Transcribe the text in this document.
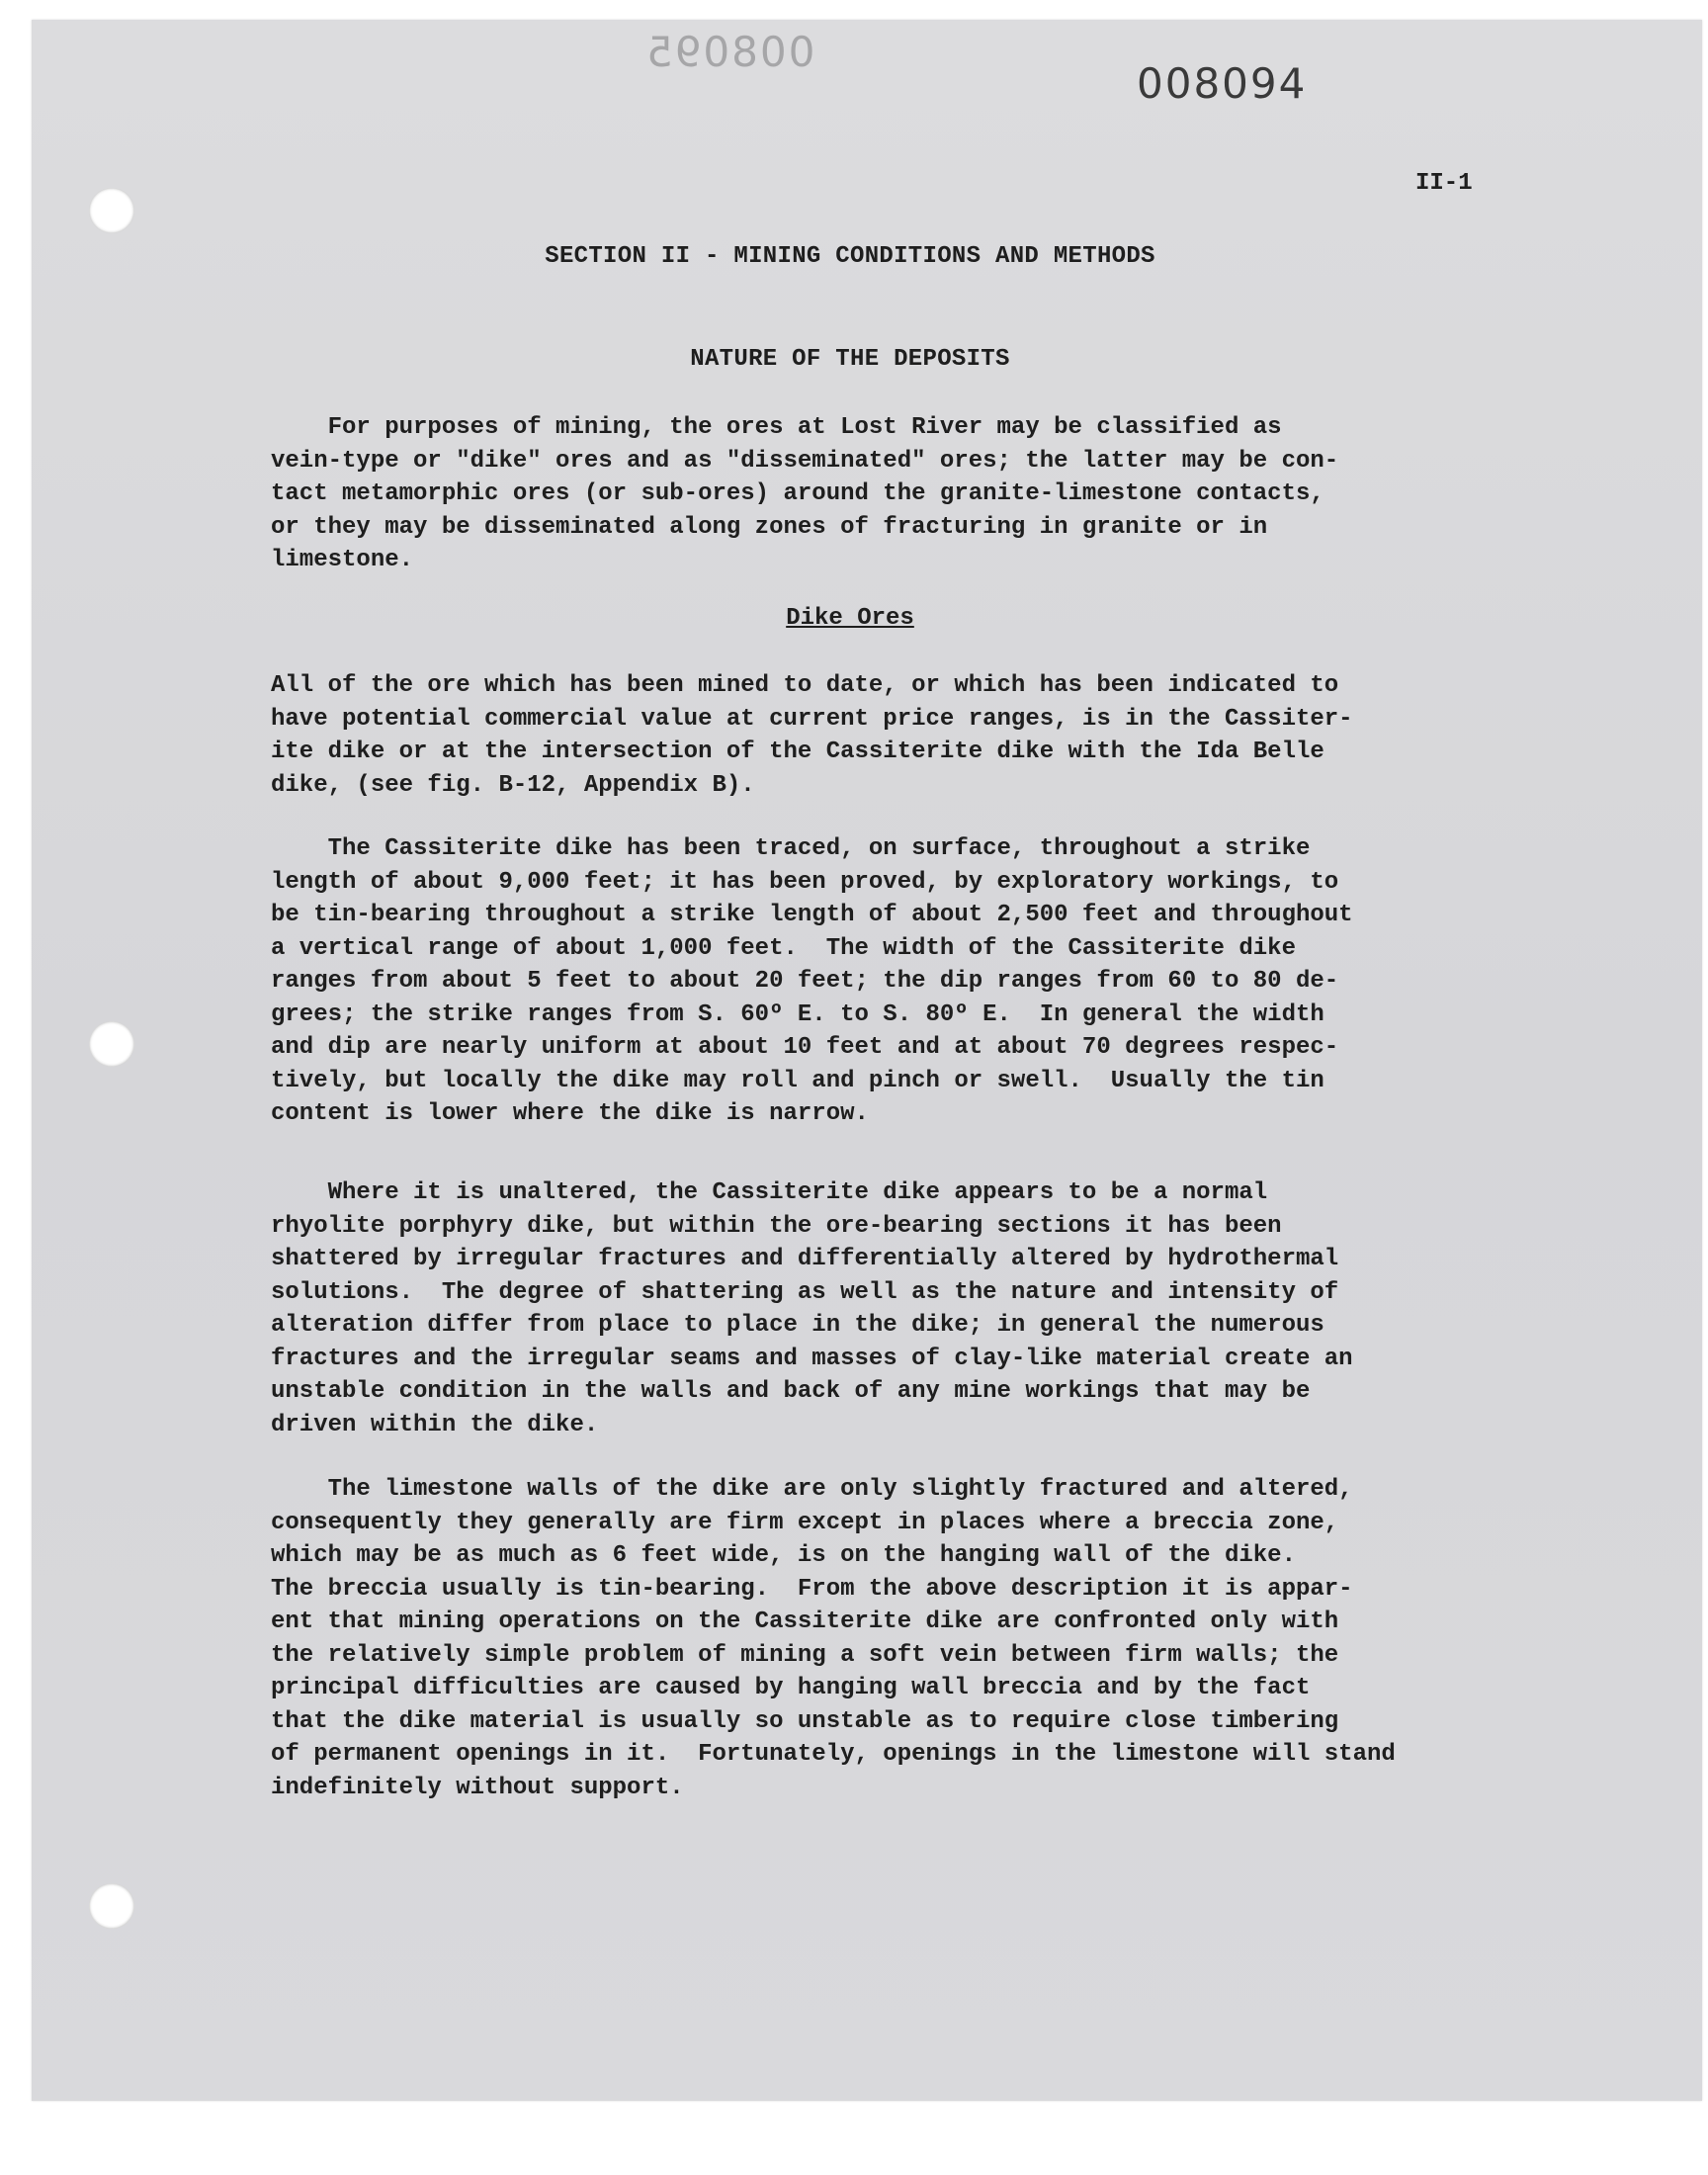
008095
008094
II-1
SECTION II - MINING CONDITIONS AND METHODS
NATURE OF THE DEPOSITS

For purposes of mining, the ores at Lost River may be classified as
vein-type or "dike" ores and as "disseminated" ores; the latter may be con-
tact metamorphic ores (or sub-ores) around the granite-limestone contacts,
or they may be disseminated along zones of fracturing in granite or in
limestone.

Dike Ores

All of the ore which has been mined to date, or which has been indicated to
have potential commercial value at current price ranges, is in the Cassiter-
ite dike or at the intersection of the Cassiterite dike with the Ida Belle
dike, (see fig. B-12, Appendix B).

The Cassiterite dike has been traced, on surface, throughout a strike
length of about 9,000 feet; it has been proved, by exploratory workings, to
be tin-bearing throughout a strike length of about 2,500 feet and throughout
a vertical range of about 1,000 feet.  The width of the Cassiterite dike
ranges from about 5 feet to about 20 feet; the dip ranges from 60 to 80 de-
grees; the strike ranges from S. 60º E. to S. 80º E.  In general the width
and dip are nearly uniform at about 10 feet and at about 70 degrees respec-
tively, but locally the dike may roll and pinch or swell.  Usually the tin
content is lower where the dike is narrow.

Where it is unaltered, the Cassiterite dike appears to be a normal
rhyolite porphyry dike, but within the ore-bearing sections it has been
shattered by irregular fractures and differentially altered by hydrothermal
solutions.  The degree of shattering as well as the nature and intensity of
alteration differ from place to place in the dike; in general the numerous
fractures and the irregular seams and masses of clay-like material create an
unstable condition in the walls and back of any mine workings that may be
driven within the dike.

The limestone walls of the dike are only slightly fractured and altered,
consequently they generally are firm except in places where a breccia zone,
which may be as much as 6 feet wide, is on the hanging wall of the dike.
The breccia usually is tin-bearing.  From the above description it is appar-
ent that mining operations on the Cassiterite dike are confronted only with
the relatively simple problem of mining a soft vein between firm walls; the
principal difficulties are caused by hanging wall breccia and by the fact
that the dike material is usually so unstable as to require close timbering
of permanent openings in it.  Fortunately, openings in the limestone will stand
indefinitely without support.
